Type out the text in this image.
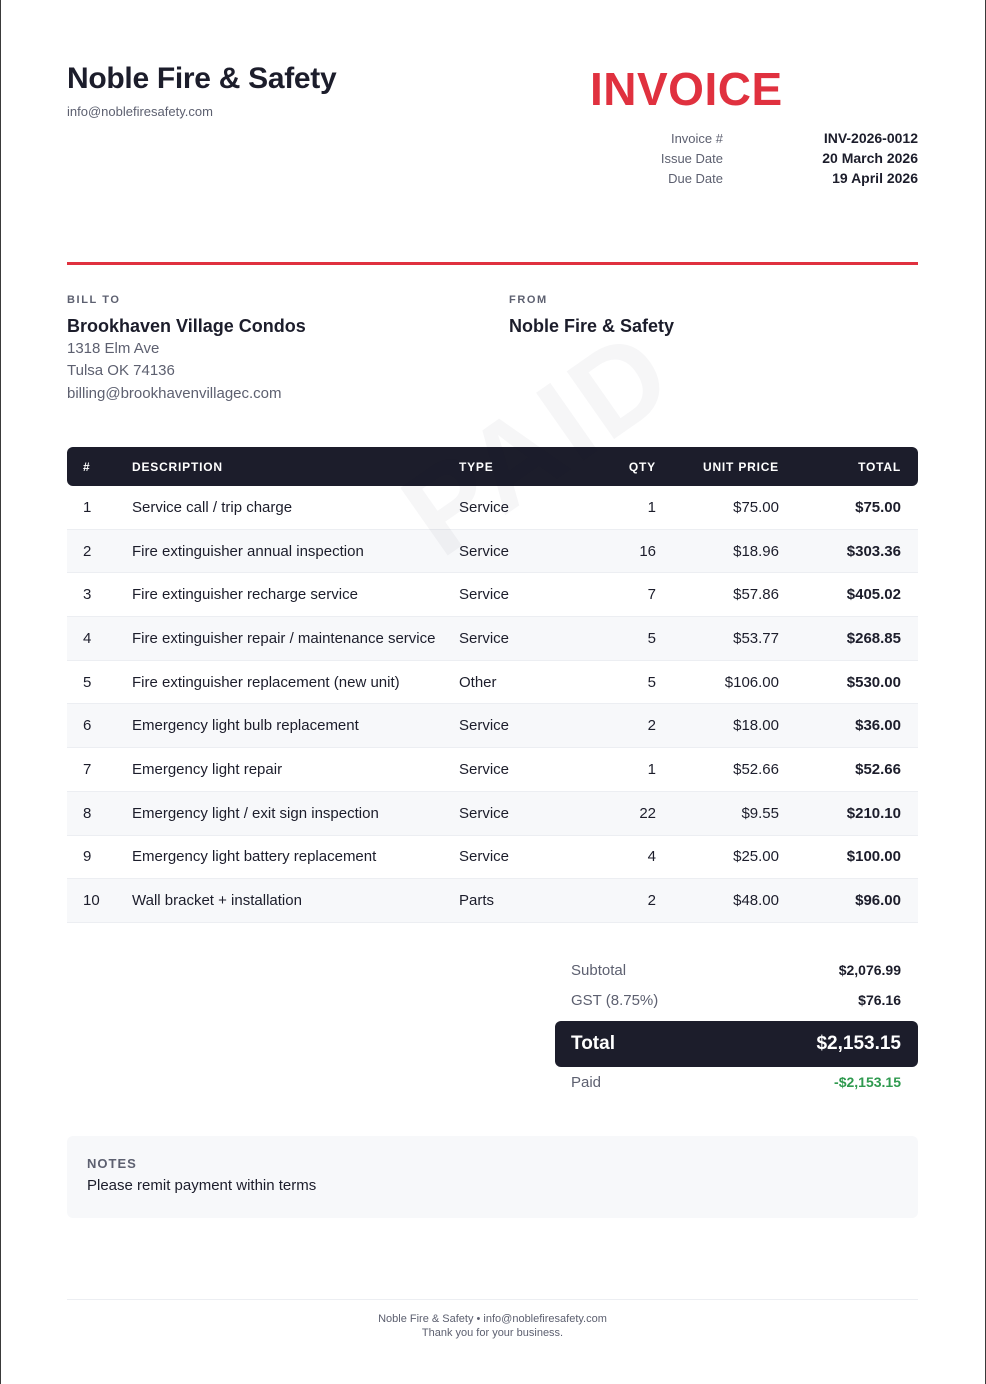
Noble Fire & Safety
info@noblefiresafety.com	INVOICE
Invoice #	INV-2026-0012
Issue Date	20 March 2026
Due Date	19 April 2026
BILL TO
Brookhaven Village Condos
1318 Elm Ave
Tulsa OK 74136
billing@brookhavenvillagec.com
FROM
Noble Fire & Safety
#	DESCRIPTION	TYPE	QTY	UNIT PRICE	TOTAL
1	Service call / trip charge	Service	1	$75.00	$75.00
2	Fire extinguisher annual inspection	Service	16	$18.96	$303.36
3	Fire extinguisher recharge service	Service	7	$57.86	$405.02
4	Fire extinguisher repair / maintenance service	Service	5	$53.77	$268.85
5	Fire extinguisher replacement (new unit)	Other	5	$106.00	$530.00
6	Emergency light bulb replacement	Service	2	$18.00	$36.00
7	Emergency light repair	Service	1	$52.66	$52.66
8	Emergency light / exit sign inspection	Service	22	$9.55	$210.10
9	Emergency light battery replacement	Service	4	$25.00	$100.00
10	Wall bracket + installation	Parts	2	$48.00	$96.00
Subtotal	$2,076.99
GST (8.75%)	$76.16
Total	$2,153.15
Paid	-$2,153.15
NOTES
Please remit payment within terms
Noble Fire & Safety • info@noblefiresafety.com
Thank you for your business.
